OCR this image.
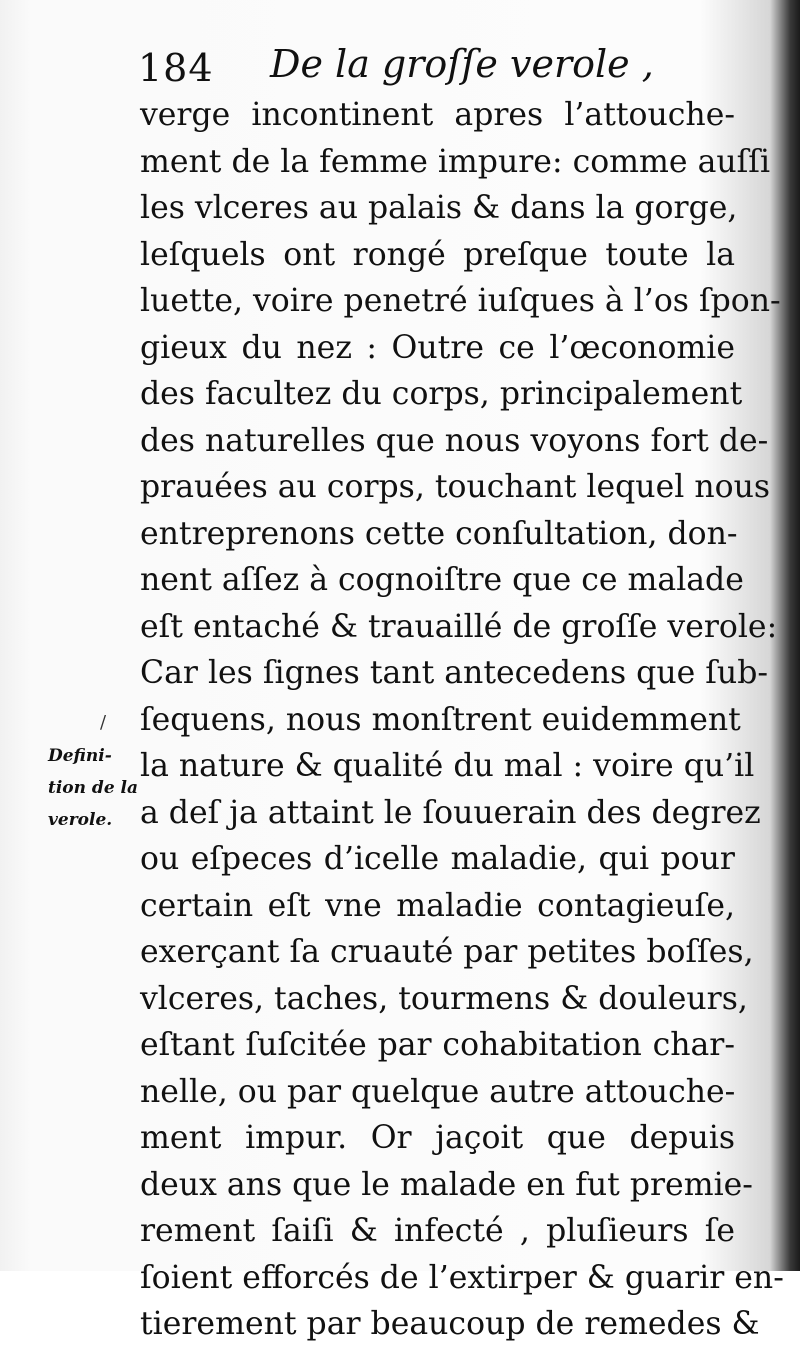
184 De la groſſe verole ,
/
Defini-
tion de la
verole.
verge incontinent apres l’attouche-
ment de la femme impure: comme auſſi
les vlceres au palais & dans la gorge,
leſquels ont rongé preſque toute la
luette, voire penetré iuſques à l’os ſpon-
gieux du nez : Outre ce l’œconomie
des facultez du corps, principalement
des naturelles que nous voyons fort de-
prauées au corps, touchant lequel nous
entreprenons cette conſultation, don-
nent aſſez à cognoiſtre que ce malade
eſt entaché & trauaillé de groſſe verole:
Car les ſignes tant antecedens que ſub-
ſequens, nous monſtrent euidemment
la nature & qualité du mal : voire qu’il
a deſ ja attaint le ſouuerain des degrez
ou eſpeces d’icelle maladie, qui pour
certain eſt vne maladie contagieuſe,
exerçant ſa cruauté par petites boſſes,
vlceres, taches, tourmens & douleurs,
eſtant ſuſcitée par cohabitation char-
nelle, ou par quelque autre attouche-
ment impur. Or jaçoit que depuis
deux ans que le malade en fut premie-
rement ſaiſi & infecté , pluſieurs ſe
ſoient efforcés de l’extirper & guarir en-
tierement par beaucoup de remedes &
